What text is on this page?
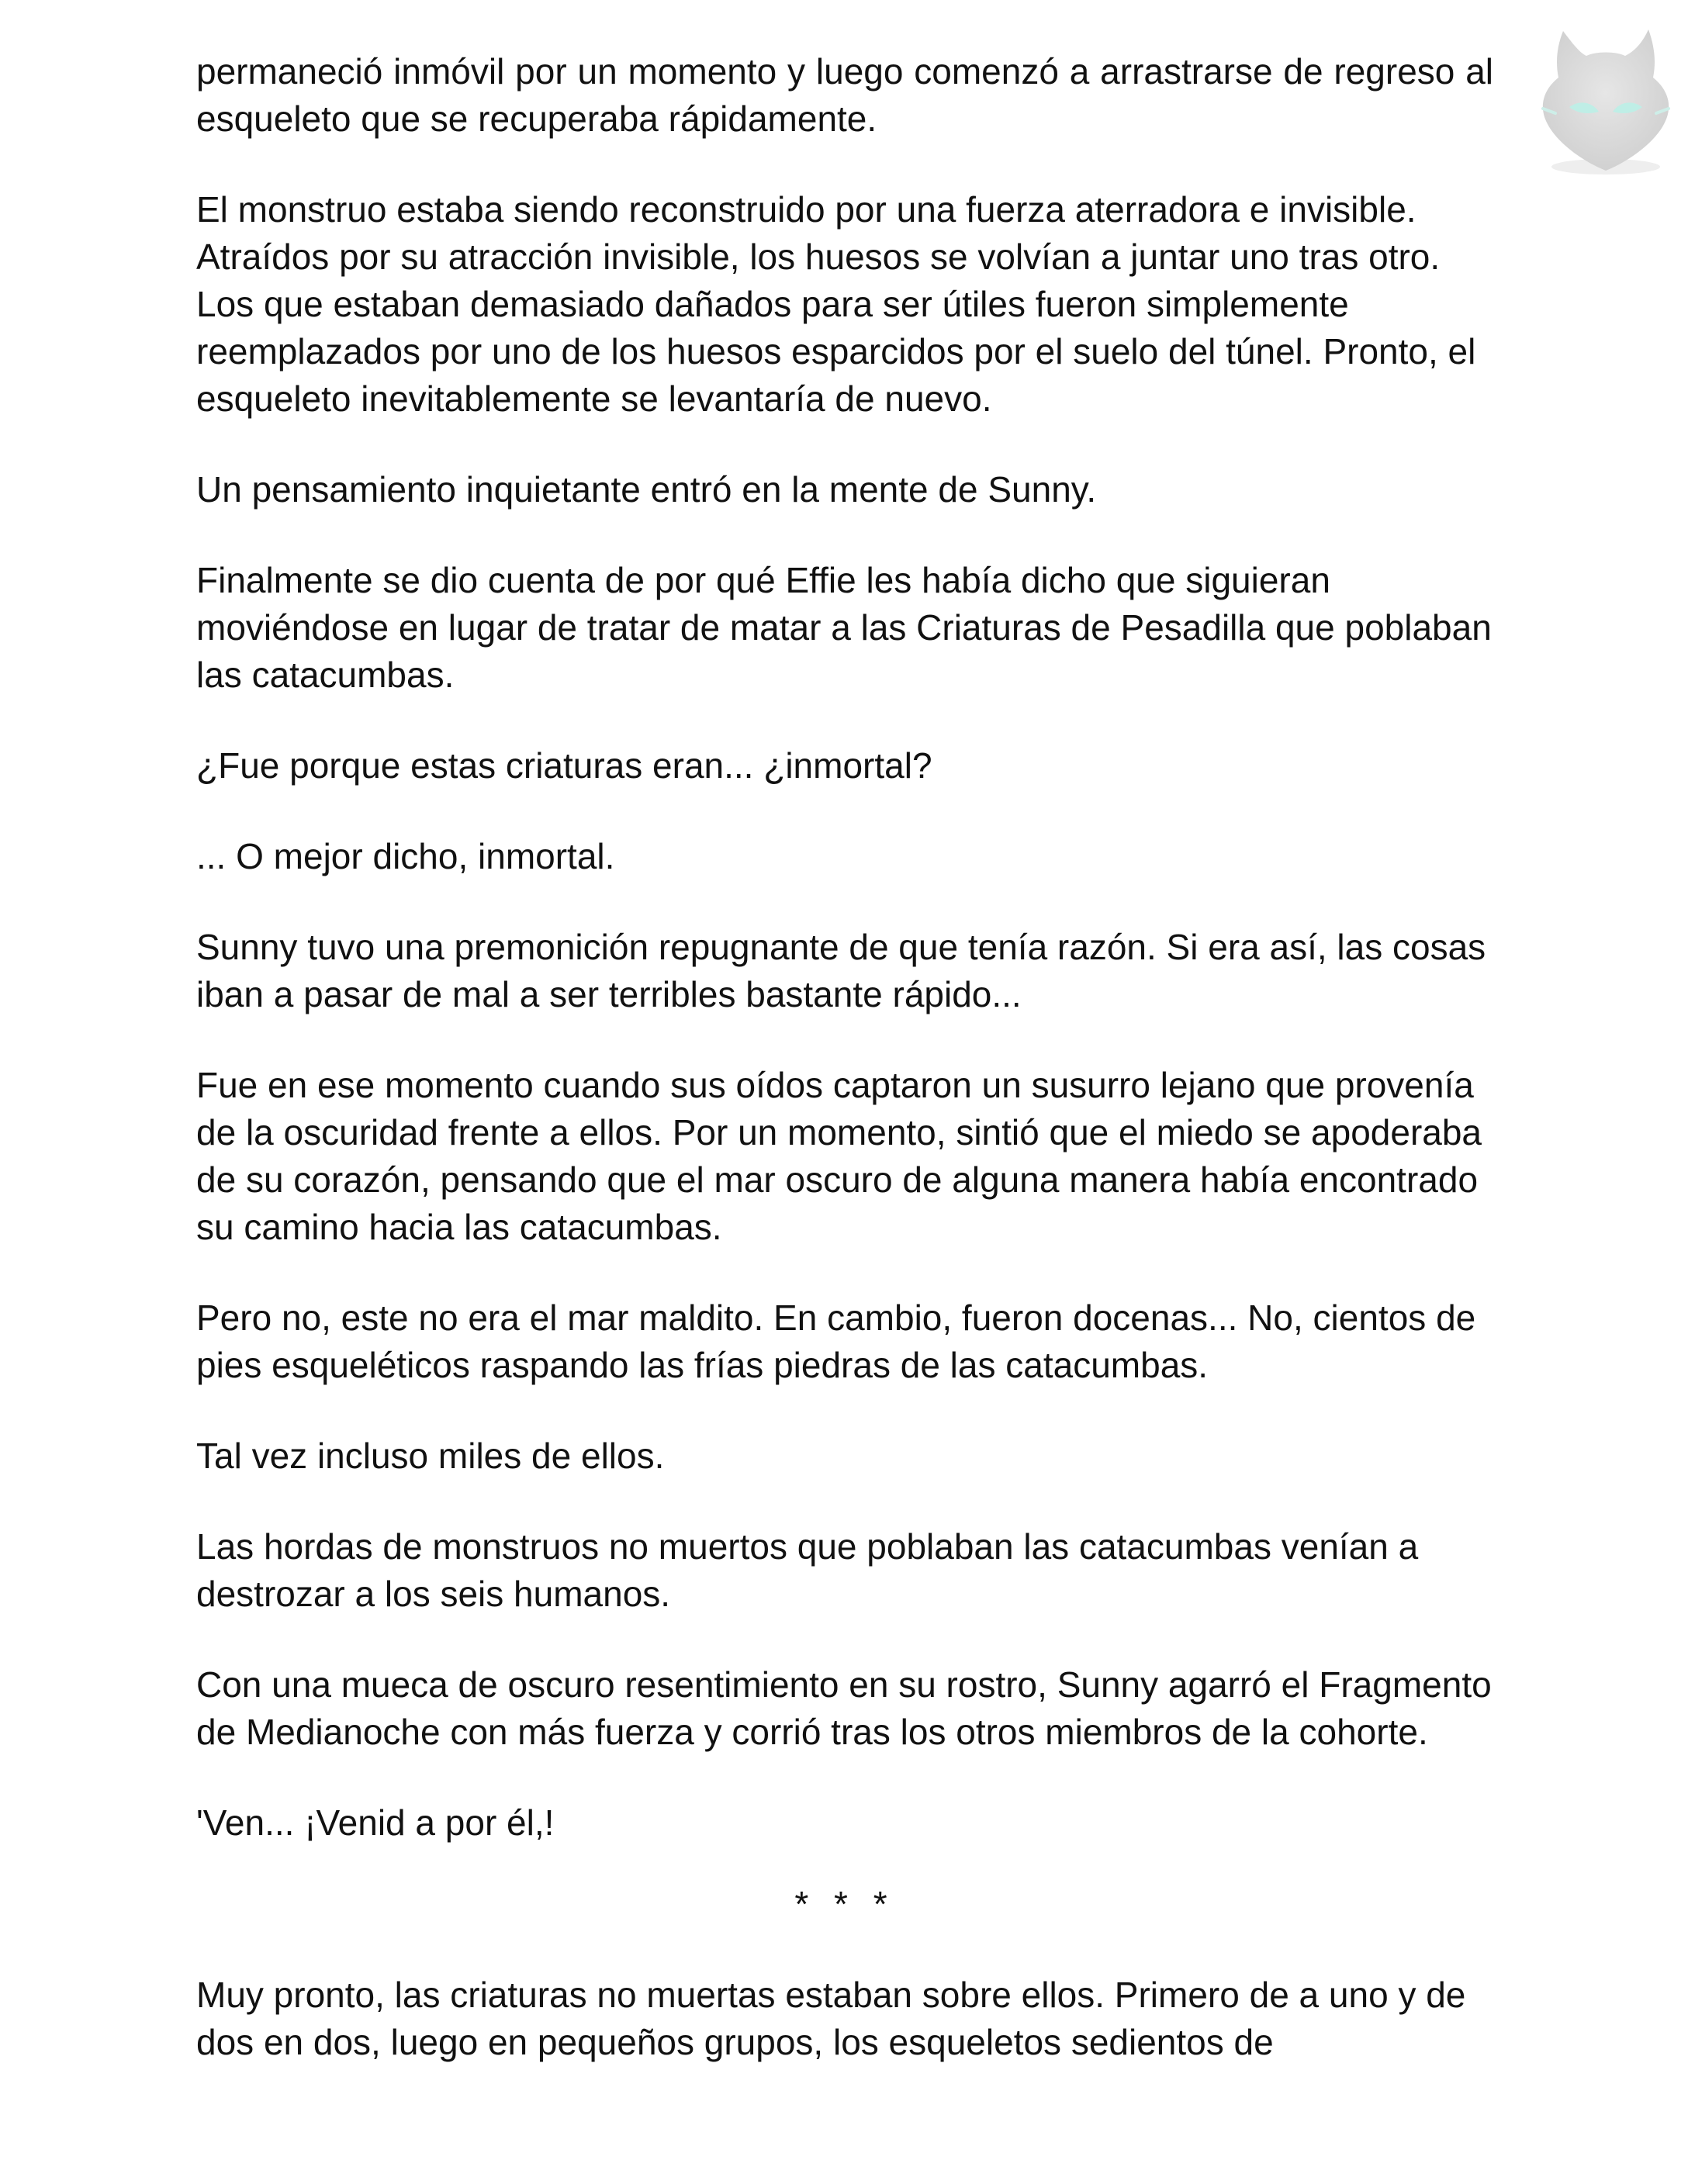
permaneció inmóvil por un momento y luego comenzó a arrastrarse de regreso al esqueleto que se recuperaba rápidamente.

El monstruo estaba siendo reconstruido por una fuerza aterradora e invisible. Atraídos por su atracción invisible, los huesos se volvían a juntar uno tras otro. Los que estaban demasiado dañados para ser útiles fueron simplemente reemplazados por uno de los huesos esparcidos por el suelo del túnel. Pronto, el esqueleto inevitablemente se levantaría de nuevo.

Un pensamiento inquietante entró en la mente de Sunny.

Finalmente se dio cuenta de por qué Effie les había dicho que siguieran moviéndose en lugar de tratar de matar a las Criaturas de Pesadilla que poblaban las catacumbas.

¿Fue porque estas criaturas eran... ¿inmortal?

... O mejor dicho, inmortal.

Sunny tuvo una premonición repugnante de que tenía razón. Si era así, las cosas iban a pasar de mal a ser terribles bastante rápido...

Fue en ese momento cuando sus oídos captaron un susurro lejano que provenía de la oscuridad frente a ellos. Por un momento, sintió que el miedo se apoderaba de su corazón, pensando que el mar oscuro de alguna manera había encontrado su camino hacia las catacumbas.

Pero no, este no era el mar maldito. En cambio, fueron docenas... No, cientos de pies esqueléticos raspando las frías piedras de las catacumbas.

Tal vez incluso miles de ellos.

Las hordas de monstruos no muertos que poblaban las catacumbas venían a destrozar a los seis humanos.

Con una mueca de oscuro resentimiento en su rostro, Sunny agarró el Fragmento de Medianoche con más fuerza y corrió tras los otros miembros de la cohorte.

'Ven... ¡Venid a por él,!

* * *

Muy pronto, las criaturas no muertas estaban sobre ellos. Primero de a uno y de dos en dos, luego en pequeños grupos, los esqueletos sedientos de
